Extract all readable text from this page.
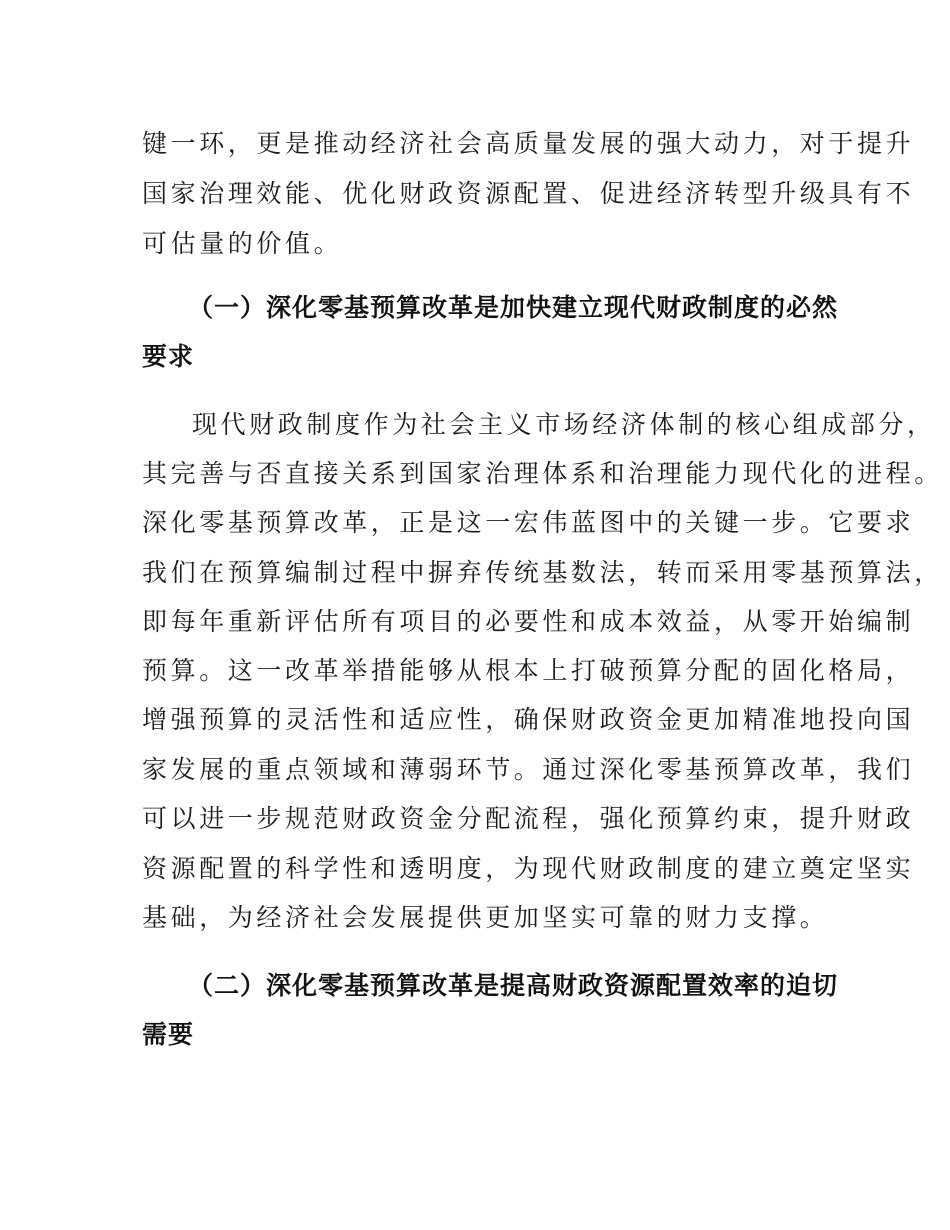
键一环，更是推动经济社会高质量发展的强大动力，对于提升
国家治理效能、优化财政资源配置、促进经济转型升级具有不
可估量的价值。
（一）深化零基预算改革是加快建立现代财政制度的必然
要求
现代财政制度作为社会主义市场经济体制的核心组成部分，
其完善与否直接关系到国家治理体系和治理能力现代化的进程。
深化零基预算改革，正是这一宏伟蓝图中的关键一步。它要求
我们在预算编制过程中摒弃传统基数法，转而采用零基预算法，
即每年重新评估所有项目的必要性和成本效益，从零开始编制
预算。这一改革举措能够从根本上打破预算分配的固化格局，
增强预算的灵活性和适应性，确保财政资金更加精准地投向国
家发展的重点领域和薄弱环节。通过深化零基预算改革，我们
可以进一步规范财政资金分配流程，强化预算约束，提升财政
资源配置的科学性和透明度，为现代财政制度的建立奠定坚实
基础，为经济社会发展提供更加坚实可靠的财力支撑。
（二）深化零基预算改革是提高财政资源配置效率的迫切
需要
